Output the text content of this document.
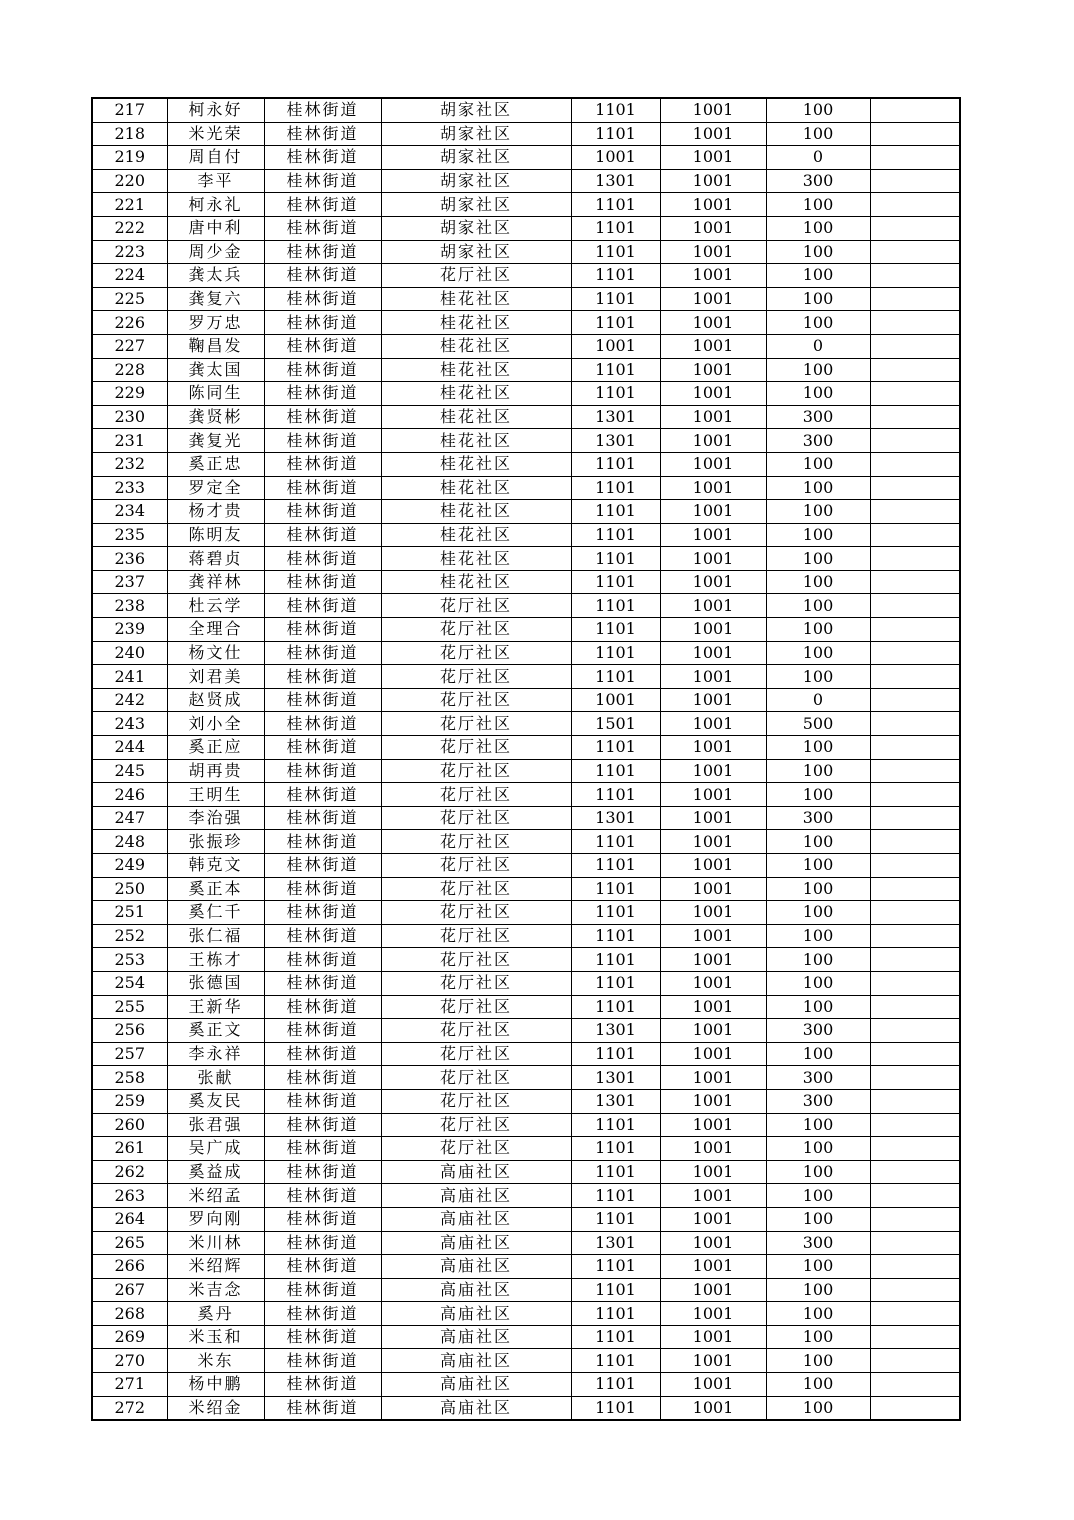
217	柯永好	桂林街道	胡家社区	1101	1001	100	
218	米光荣	桂林街道	胡家社区	1101	1001	100	
219	周自付	桂林街道	胡家社区	1001	1001	0	
220	李平	桂林街道	胡家社区	1301	1001	300	
221	柯永礼	桂林街道	胡家社区	1101	1001	100	
222	唐中利	桂林街道	胡家社区	1101	1001	100	
223	周少金	桂林街道	胡家社区	1101	1001	100	
224	龚太兵	桂林街道	花厅社区	1101	1001	100	
225	龚复六	桂林街道	桂花社区	1101	1001	100	
226	罗万忠	桂林街道	桂花社区	1101	1001	100	
227	鞠昌发	桂林街道	桂花社区	1001	1001	0	
228	龚太国	桂林街道	桂花社区	1101	1001	100	
229	陈同生	桂林街道	桂花社区	1101	1001	100	
230	龚贤彬	桂林街道	桂花社区	1301	1001	300	
231	龚复光	桂林街道	桂花社区	1301	1001	300	
232	奚正忠	桂林街道	桂花社区	1101	1001	100	
233	罗定全	桂林街道	桂花社区	1101	1001	100	
234	杨才贵	桂林街道	桂花社区	1101	1001	100	
235	陈明友	桂林街道	桂花社区	1101	1001	100	
236	蒋碧贞	桂林街道	桂花社区	1101	1001	100	
237	龚祥林	桂林街道	桂花社区	1101	1001	100	
238	杜云学	桂林街道	花厅社区	1101	1001	100	
239	全理合	桂林街道	花厅社区	1101	1001	100	
240	杨文仕	桂林街道	花厅社区	1101	1001	100	
241	刘君美	桂林街道	花厅社区	1101	1001	100	
242	赵贤成	桂林街道	花厅社区	1001	1001	0	
243	刘小全	桂林街道	花厅社区	1501	1001	500	
244	奚正应	桂林街道	花厅社区	1101	1001	100	
245	胡再贵	桂林街道	花厅社区	1101	1001	100	
246	王明生	桂林街道	花厅社区	1101	1001	100	
247	李治强	桂林街道	花厅社区	1301	1001	300	
248	张振珍	桂林街道	花厅社区	1101	1001	100	
249	韩克文	桂林街道	花厅社区	1101	1001	100	
250	奚正本	桂林街道	花厅社区	1101	1001	100	
251	奚仁千	桂林街道	花厅社区	1101	1001	100	
252	张仁福	桂林街道	花厅社区	1101	1001	100	
253	王栋才	桂林街道	花厅社区	1101	1001	100	
254	张德国	桂林街道	花厅社区	1101	1001	100	
255	王新华	桂林街道	花厅社区	1101	1001	100	
256	奚正文	桂林街道	花厅社区	1301	1001	300	
257	李永祥	桂林街道	花厅社区	1101	1001	100	
258	张献	桂林街道	花厅社区	1301	1001	300	
259	奚友民	桂林街道	花厅社区	1301	1001	300	
260	张君强	桂林街道	花厅社区	1101	1001	100	
261	吴广成	桂林街道	花厅社区	1101	1001	100	
262	奚益成	桂林街道	高庙社区	1101	1001	100	
263	米绍孟	桂林街道	高庙社区	1101	1001	100	
264	罗向刚	桂林街道	高庙社区	1101	1001	100	
265	米川林	桂林街道	高庙社区	1301	1001	300	
266	米绍辉	桂林街道	高庙社区	1101	1001	100	
267	米吉念	桂林街道	高庙社区	1101	1001	100	
268	奚丹	桂林街道	高庙社区	1101	1001	100	
269	米玉和	桂林街道	高庙社区	1101	1001	100	
270	米东	桂林街道	高庙社区	1101	1001	100	
271	杨中鹏	桂林街道	高庙社区	1101	1001	100	
272	米绍金	桂林街道	高庙社区	1101	1001	100	
